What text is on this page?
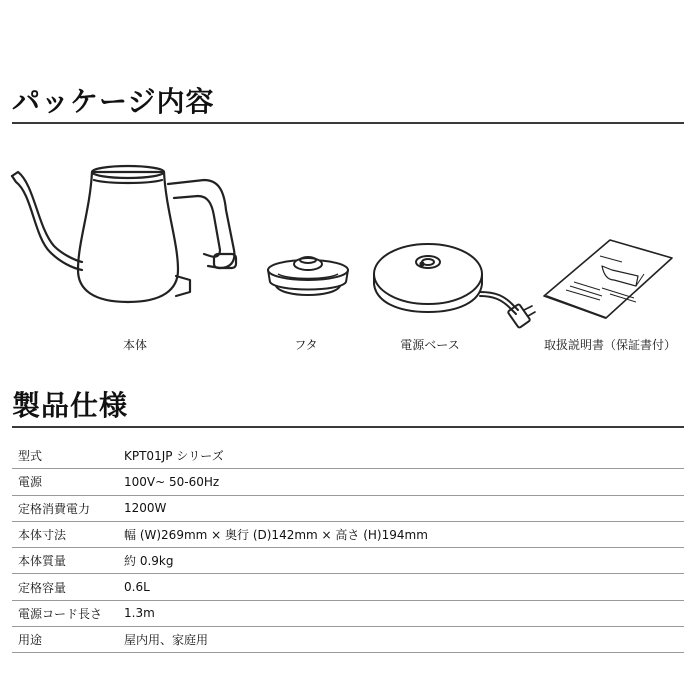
パッケージ内容
本体	フタ	電源ベース	取扱説明書（保証書付）
製品仕様
型式	KPT01JP シリーズ
電源	100V~ 50-60Hz
定格消費電力	1200W
本体寸法	幅 (W)269mm × 奥行 (D)142mm × 高さ (H)194mm
本体質量	約 0.9kg
定格容量	0.6L
電源コード長さ	1.3m
用途	屋内用、家庭用
